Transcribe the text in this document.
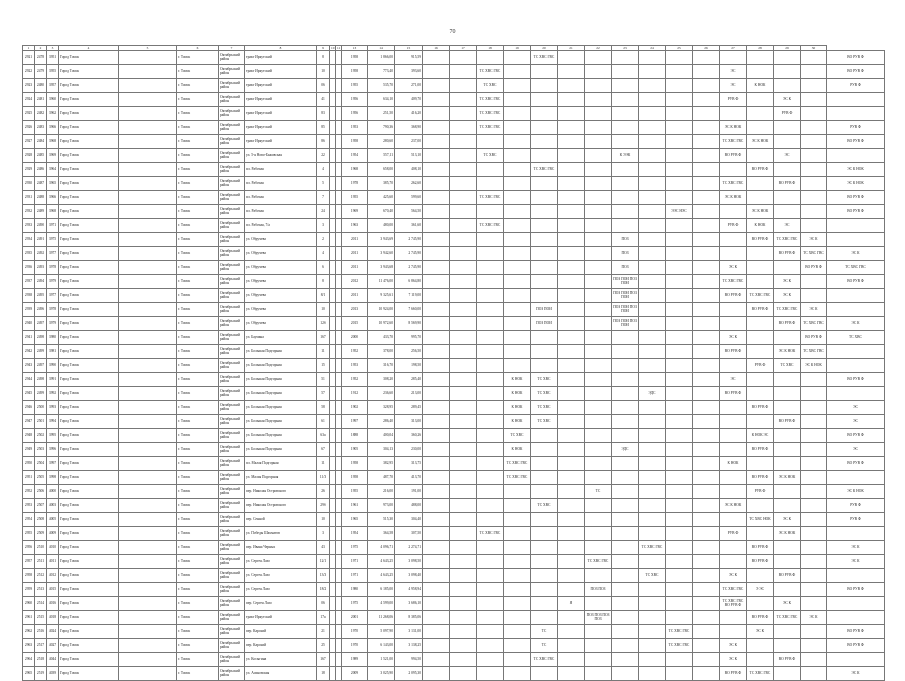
70
1	2	3	4	5	6	7	8	9	10	11	13	14	15	16	17	18	19	20	21	22	23	24	25	26	27	28	29	30	
2921	2478	3951	Город Томск		г. Томск	Октябрьский район	тракт Иркутский	8			1958	1 866,00	915,59					ТС ХВС ГВС											ВО РУВ Ф
2922	2479	3955	Город Томск		г. Томск	Октябрьский район	тракт Иркутский	10			1958	773,40	393,60			ТС ХВС ГВС									ЭС				ВО РУВ Ф
2923	2480	3957	Город Томск		г. Томск	Октябрьский район	тракт Иркутский	06			1955	535,70	271,00			ТС ХВС									ЭС	К НОК			РУВ Ф
2924	2481	3960	Город Томск		г. Томск	Октябрьский район	тракт Иркутский	41			1956	634,10	409,70			ТС ХВС ГВС									РУВ Ф		ЭС К		
2925	2482	3962	Город Томск		г. Томск	Октябрьский район	тракт Иркутский	83			1956	251,50	416,20			ТС ХВС ГВС											РУВ Ф		
2926	2483	3966	Город Томск		г. Томск	Октябрьский район	тракт Иркутский	85			1953	790,36	368,90			ТС ХВС ГВС									ЭС К НОК				РУВ Ф
2927	2484	3968	Город Томск		г. Томск	Октябрьский район	тракт Иркутский	86			1958	280,60	237,00												ТС ХВС ГВС	ЭС К НОК			ВО РУВ Ф
2928	2485	3969	Город Томск		г. Томск	Октябрьский район	ул. 5-я Ново-Бажовская	22			1954	557,11	513,10			ТС ХВС					К ЭЭК				ВО РУВ Ф		ЭС		
2929	2486	3964	Город Томск		г. Томск	Октябрьский район	пл. Рабочая	4			1968	658,00	408,10					ТС ХВС ГВС								ВО РУВ Ф			ЭС К НОК
2930	2487	3965	Город Томск		г. Томск	Октябрьский район	пл. Рабочая	5			1978	385,70	262,60												ТС ХВС ГВС		ВО РУВ Ф		ЭС К НОК
2931	2488	3966	Город Томск		г. Томск	Октябрьский район	пл. Рабочая	7			1955	425,60	599,60			ТС ХВС ГВС									ЭС К НОК				ВО РУВ Ф
2932	2489	3968	Город Томск		г. Томск	Октябрьский район	пл. Рабочая	24			1969	670,40	564,50										ЭЭС НЭС			ЭС К НОК			ВО РУВ Ф
2933	2490	3971	Город Томск		г. Томск	Октябрьский район	пл. Рабочая, 7/а	3			1963	480,00	361,60			ТС ХВС ГВС									РУВ Ф	К НОК	ЭС		
2934	2491	3975	Город Томск		г. Томск	Октябрьский район	ул. Обручева	2			2011	3 943,69	2 745,90								ПОЗ					ВО РУВ Ф	ТС ХВС ГВС	ЭС К	
2935	2492	3977	Город Томск		г. Томск	Октябрьский район	ул. Обручева	4			2011	3 942,60	2 745,90								ПОЗ						ВО РУВ Ф	ТС ХВС ГВС	ЭС К
2936	2493	3978	Город Томск		г. Томск	Октябрьский район	ул. Обручева	6			2011	3 943,68	2 745,90								ПОЗ				ЭС К			ВО РУВ Ф	ТС ХВС ГВС
2937	2494	3979	Город Томск		г. Томск	Октябрьский район	ул. Обручева	8			2012	11 476,00	6 864,80								ПОЗ ПОИ ПОЗ ПОИ				ТС ХВС ГВС		ЭС К		ВО РУВ Ф
2938	2495	3977	Город Томск		г. Томск	Октябрьский район	ул. Обручева	8/1			2011	9 325,61	7 119,00								ПОЗ ПОИ ПОЗ ПОИ				ВО РУВ Ф	ТС ХВС ГВС	ЭС К		
2939	2496	3978	Город Томск		г. Томск	Октябрьский район	ул. Обручева	10			2013	10 924,00	7 660,00					ПОЗ ПОИ			ПОЗ ПОИ ПОЗ ПОИ					ВО РУВ Ф	ТС ХВС ГВС	ЭС К	
2940	2497	3979	Город Томск		г. Томск	Октябрьский район	ул. Обручева	12б			2015	10 972,60	8 569,90					ПОЗ ПОИ			ПОЗ ПОИ ПОЗ ПОИ						ВО РУВ Ф	ТС ХВС ГВС	ЭС К
2941	2498	3980	Город Томск		г. Томск	Октябрьский район	ул. Баумана	167			2000	433,70	995,70												ЭС К			ВО РУВ Ф	ТС ХВС
2942	2499	3981	Город Томск		г. Томск	Октябрьский район	ул. Большая Подгорная	11			1952	378,00	256,50												ВО РУВ Ф		ЭС К НОК	ТС ХВС ГВС	
2943	2497	3990	Город Томск		г. Томск	Октябрьский район	ул. Большая Подгорная	15			1953	316,70	198,50													РУВ Ф	ТС ХВС	ЭС К НОК	
2944	2498	3991	Город Томск		г. Томск	Октябрьский район	ул. Большая Подгорная	51			1952	308,20	285,40				К НОК	ТС ХВС							ЭС				ВО РУВ Ф
2945	2499	3992	Город Томск		г. Томск	Октябрьский район	ул. Большая Подгорная	57			1912	236,60	213,00				К НОК	ТС ХВС				ЭДС			ВО РУВ Ф				
2946	2500	3993	Город Томск		г. Томск	Октябрьский район	ул. Большая Подгорная	58			1902	328,95	289,45				К НОК	ТС ХВС								ВО РУВ Ф			ЭС
2947	2501	3994	Город Томск		г. Томск	Октябрьский район	ул. Большая Подгорная	61			1997	286,40	313,00				К НОК	ТС ХВС									ВО РУВ Ф		ЭС
2948	2502	3995	Город Томск		г. Томск	Октябрьский район	ул. Большая Подгорная	63а			1888	400,04	360,26				ТС ХВС									К НОК ЭС			ВО РУВ Ф
2949	2503	3996	Город Томск		г. Томск	Октябрьский район	ул. Большая Подгорная	67			1905	304,13	230,00				К НОК				ЭДС					ВО РУВ Ф			ЭС
2950	2504	3997	Город Томск		г. Томск	Октябрьский район	пл. Малая Подгорная	11			1958	382,95	313,75				ТС ХВС ГВС								К НОК				ВО РУВ Ф
2951	2505	3998	Город Томск		г. Томск	Октябрьский район	ул. Малая Подгорная	11/3			1958	487,70	413,70				ТС ХВС ГВС									ВО РУВ Ф	ЭС К НОК		
2952	2506	4000	Город Томск		г. Томск	Октябрьский район	пер. Николая Островского	26			1955	216,00	191,00							ТС						РУВ Ф			ЭС К НОК
2953	2507	4003	Город Томск		г. Томск	Октябрьский район	пер. Николая Островского	29б			1961	973,00	488,00					ТС ХВС							ЭС К НОК				РУВ Ф
2954	2508	4005	Город Томск		г. Томск	Октябрьский район	пер. Сенной	10			1965	515,30	304,40													ТС ХВС НОК	ЭС К		РУВ Ф
2955	2509	4009	Город Томск		г. Томск	Октябрьский район	ул. Победы Шахматов	3			1954	364,58	307,50			ТС ХВС ГВС									РУВ Ф		ЭС К НОК		
2956	2510	4010	Город Томск		г. Томск	Октябрьский район	пер. Ивана Черных	43			1975	4 096,71	2 274,71									ТС ХВС ГВС				ВО РУВ Ф			ЭС К
2957	2511	4011	Город Томск		г. Томск	Октябрьский район	ул. Сергея Лазо	12/1			1971	4 643,25	3 098,50							ТС ХВС ГВС						ВО РУВ Ф			ЭС К
2958	2512	4012	Город Томск		г. Томск	Октябрьский район	ул. Сергея Лазо	13/3			1971	4 643,25	3 098,40									ТС ХВС			ЭС К		ВО РУВ Ф		
2959	2513	4015	Город Томск		г. Томск	Октябрьский район	ул. Сергея Лазо	18/2			1980	6 185,00	4 958,94							ПОЗ ПОЗ					ТС ХВС ГВС	Э ЭС			ВО РУВ Ф
2960	2514	4016	Город Томск		г. Томск	Октябрьский район	пер. Сергея Лазо	06			1975	4 599,00	3 686,10						Я						ТС ХВС ГВС ВО РУВ Ф		ЭС К		
2961	2515	4018	Город Томск		г. Томск	Октябрьский район	тракт Иркутский	17а			2001	11 268,06	8 385,06							ПОЗ ПОЗ ПОЗ ПОЗ						ВО РУВ Ф	ТС ХВС ГВС	ЭС К	
2962	2516	4024	Город Томск		г. Томск	Октябрьский район	пер. Карский	21			1970	5 097,90	3 131,00					ТС					ТС ХВС ГВС			ЭС К			ВО РУВ Ф
2963	2517	4027	Город Томск		г. Томск	Октябрьский район	пер. Карский	25			1970	6 143,00	3 138,25					ТС					ТС ХВС ГВС		ЭС К				ВО РУВ Ф
2964	2518	4044	Город Томск		г. Томск	Октябрьский район	ул. Косыгина	167			1989	1 521,00	994,50					ТС ХВС ГВС							ЭС К		ВО РУВ Ф		
2965	2519	4039	Город Томск		г. Томск	Октябрьский район	ул. Асиновская	18			2009	3 025,90	2 095,30												ВО РУВ Ф	ТС ХВС ГВС			ЭС К
